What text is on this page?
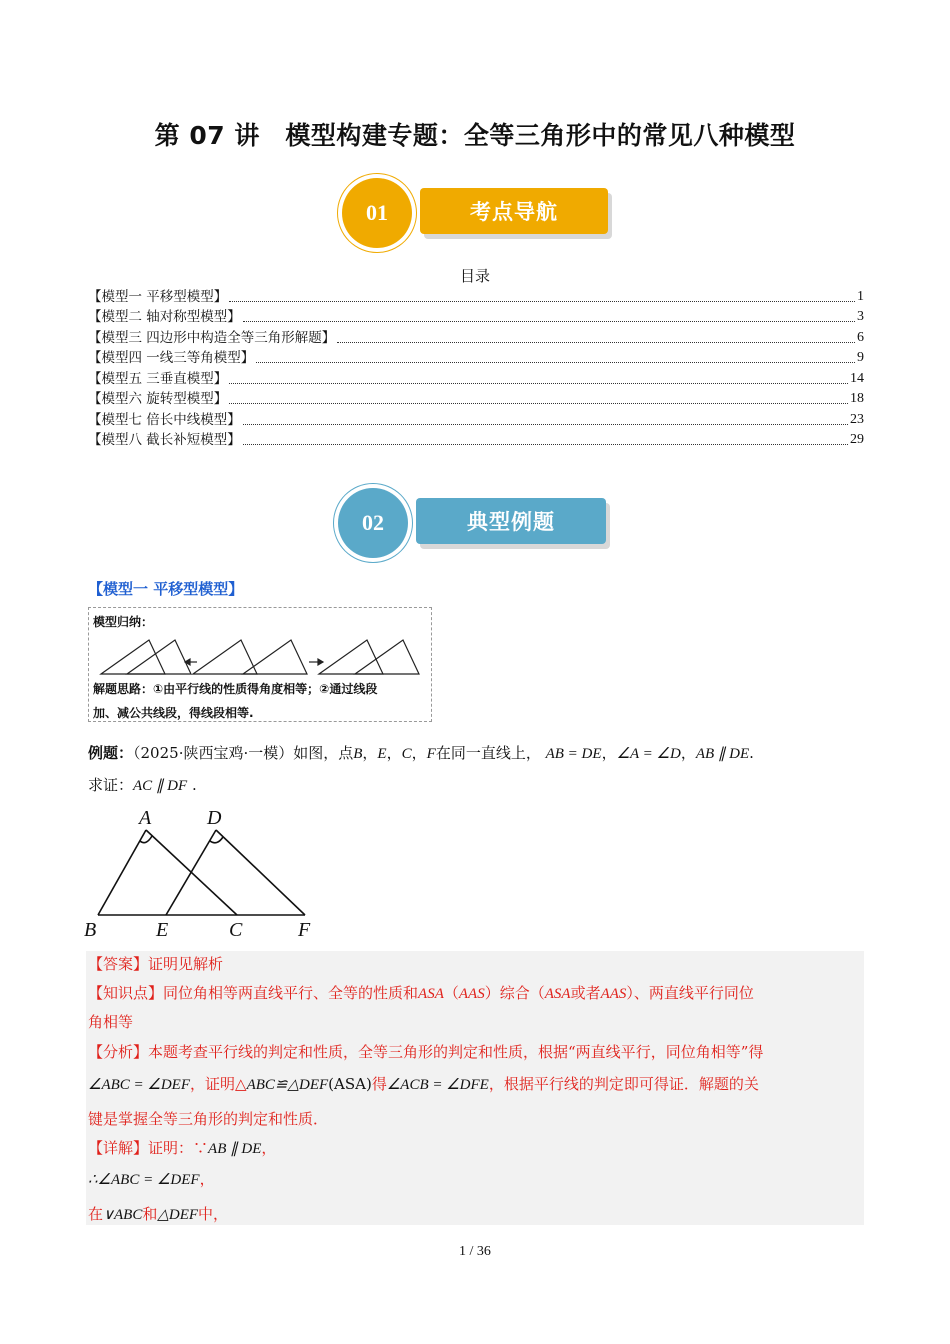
第 07 讲　模型构建专题：全等三角形中的常见八种模型
考点导航
01
目录
【模型一 平移型模型】	1
【模型二 轴对称型模型】	3
【模型三 四边形中构造全等三角形解题】	6
【模型四 一线三等角模型】	9
【模型五 三垂直模型】	14
【模型六 旋转型模型】	18
【模型七 倍长中线模型】	23
【模型八 截长补短模型】	29
典型例题
02
【模型一 平移型模型】
模型归纳：
解题思路：①由平行线的性质得角度相等；②通过线段
加、减公共线段，得线段相等.
例题：（2025·陕西宝鸡·一模）如图，点B，E，C，F在同一直线上， AB = DE，∠A = ∠D，AB ∥ DE.
求证：AC ∥ DF .
A	D
B	E	C	F
【答案】证明见解析
【知识点】同位角相等两直线平行、全等的性质和ASA（AAS）综合（ASA或者AAS）、两直线平行同位
角相等
【分析】本题考查平行线的判定和性质，全等三角形的判定和性质，根据“两直线平行，同位角相等”得
∠ABC = ∠DEF，证明△ABC≌△DEF(ASA)得∠ACB = ∠DFE，根据平行线的判定即可得证．解题的关
键是掌握全等三角形的判定和性质．
【详解】证明：∵AB ∥ DE，
∴∠ABC = ∠DEF，
在∨ABC和△DEF中，
1 / 36
